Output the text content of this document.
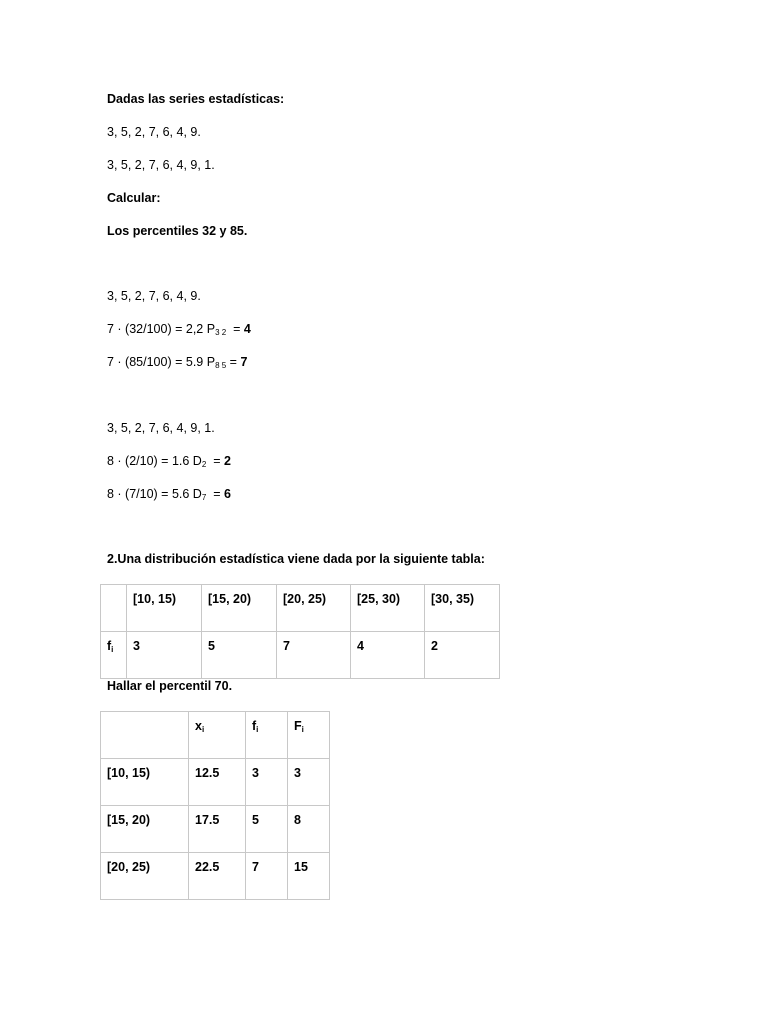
Dadas las series estadísticas:
3, 5, 2, 7, 6, 4, 9.
3, 5, 2, 7, 6, 4, 9, 1.
Calcular:
Los percentiles 32 y 85.
3, 5, 2, 7, 6, 4, 9.
7 · (32/100) = 2,2 $P_{3 2} = 4$
7 · (85/100) = 5.9 $P_{8 5} = 7$
3, 5, 2, 7, 6, 4, 9, 1.
8 · (2/10) = 1.6 $D_2 = 2$
8 · (7/10) = 5.6 $D_7 = 6$
2.Una distribución estadística viene dada por la siguiente tabla:
	[10, 15)	[15, 20)	[20, 25)	[25, 30)	[30, 35)
$f_i$	3	5	7	4	2
Hallar el percentil 70.
	$x_i$	$f_i$	$F_i$
[10, 15)	12.5	3	3
[15, 20)	17.5	5	8
[20, 25)	22.5	7	15
